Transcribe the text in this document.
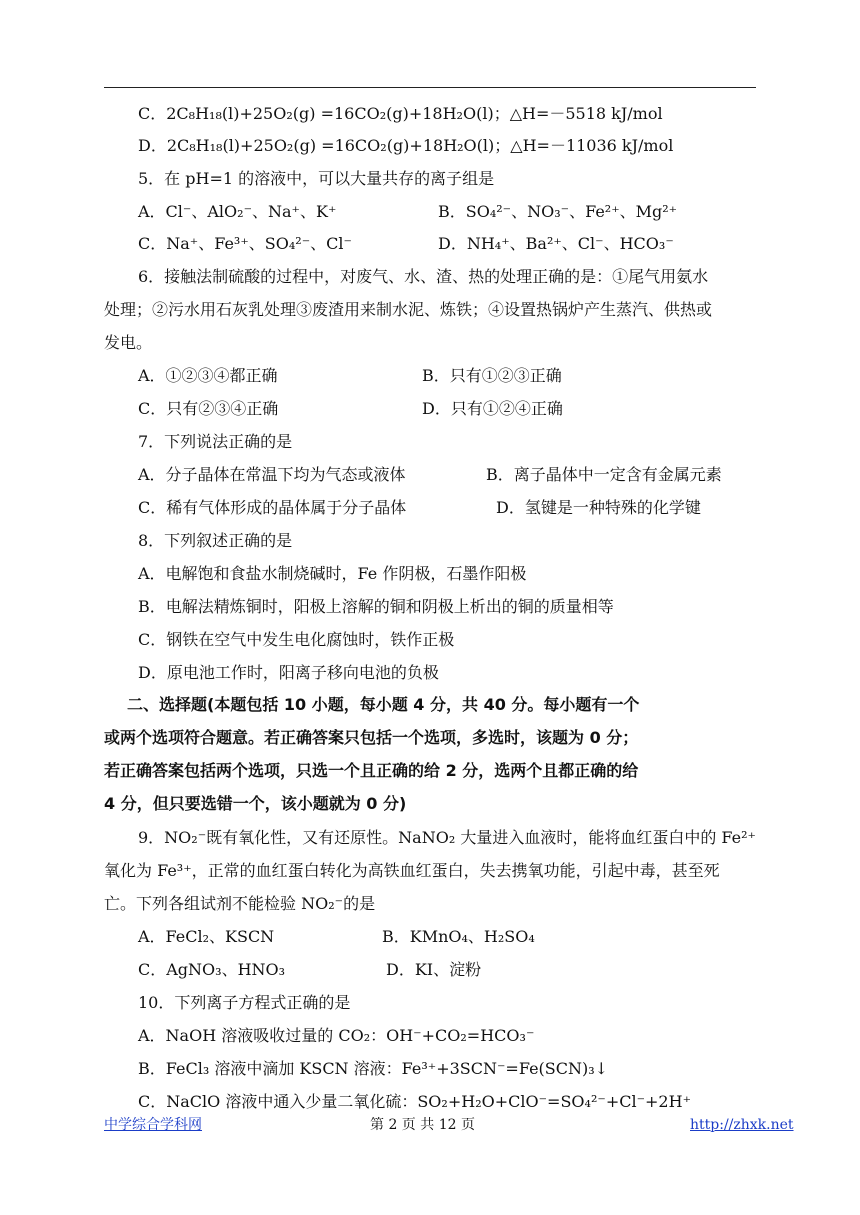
C．2C₈H₁₈(l)+25O₂(g) =16CO₂(g)+18H₂O(l)；△H=－5518 kJ/mol
D．2C₈H₁₈(l)+25O₂(g) =16CO₂(g)+18H₂O(l)；△H=－11036 kJ/mol
5．在 pH=1 的溶液中，可以大量共存的离子组是
A．Cl⁻、AlO₂⁻、Na⁺、K⁺	B．SO₄²⁻、NO₃⁻、Fe²⁺、Mg²⁺
C．Na⁺、Fe³⁺、SO₄²⁻、Cl⁻	D．NH₄⁺、Ba²⁺、Cl⁻、HCO₃⁻
6．接触法制硫酸的过程中，对废气、水、渣、热的处理正确的是：①尾气用氨水
处理；②污水用石灰乳处理③废渣用来制水泥、炼铁；④设置热锅炉产生蒸汽、供热或
发电。
A．①②③④都正确	B．只有①②③正确
C．只有②③④正确	D．只有①②④正确
7．下列说法正确的是
A．分子晶体在常温下均为气态或液体	B．离子晶体中一定含有金属元素
C．稀有气体形成的晶体属于分子晶体	D．氢键是一种特殊的化学键
8．下列叙述正确的是
A．电解饱和食盐水制烧碱时，Fe 作阴极，石墨作阳极
B．电解法精炼铜时，阳极上溶解的铜和阴极上析出的铜的质量相等
C．钢铁在空气中发生电化腐蚀时，铁作正极
D．原电池工作时，阳离子移向电池的负极
二、选择题(本题包括 10 小题，每小题 4 分，共 40 分。每小题有一个
或两个选项符合题意。若正确答案只包括一个选项，多选时，该题为 0 分；
若正确答案包括两个选项，只选一个且正确的给 2 分，选两个且都正确的给
4 分，但只要选错一个，该小题就为 0 分)
9．NO₂⁻既有氧化性，又有还原性。NaNO₂ 大量进入血液时，能将血红蛋白中的 Fe²⁺
氧化为 Fe³⁺，正常的血红蛋白转化为高铁血红蛋白，失去携氧功能，引起中毒，甚至死
亡。下列各组试剂不能检验 NO₂⁻的是
A．FeCl₂、KSCN	B．KMnO₄、H₂SO₄
C．AgNO₃、HNO₃	D．KI、淀粉
10．下列离子方程式正确的是
A．NaOH 溶液吸收过量的 CO₂：OH⁻+CO₂=HCO₃⁻
B．FeCl₃ 溶液中滴加 KSCN 溶液：Fe³⁺+3SCN⁻=Fe(SCN)₃↓
C．NaClO 溶液中通入少量二氧化硫：SO₂+H₂O+ClO⁻=SO₄²⁻+Cl⁻+2H⁺
中学综合学科网	第 2 页 共 12 页	http://zhxk.net
